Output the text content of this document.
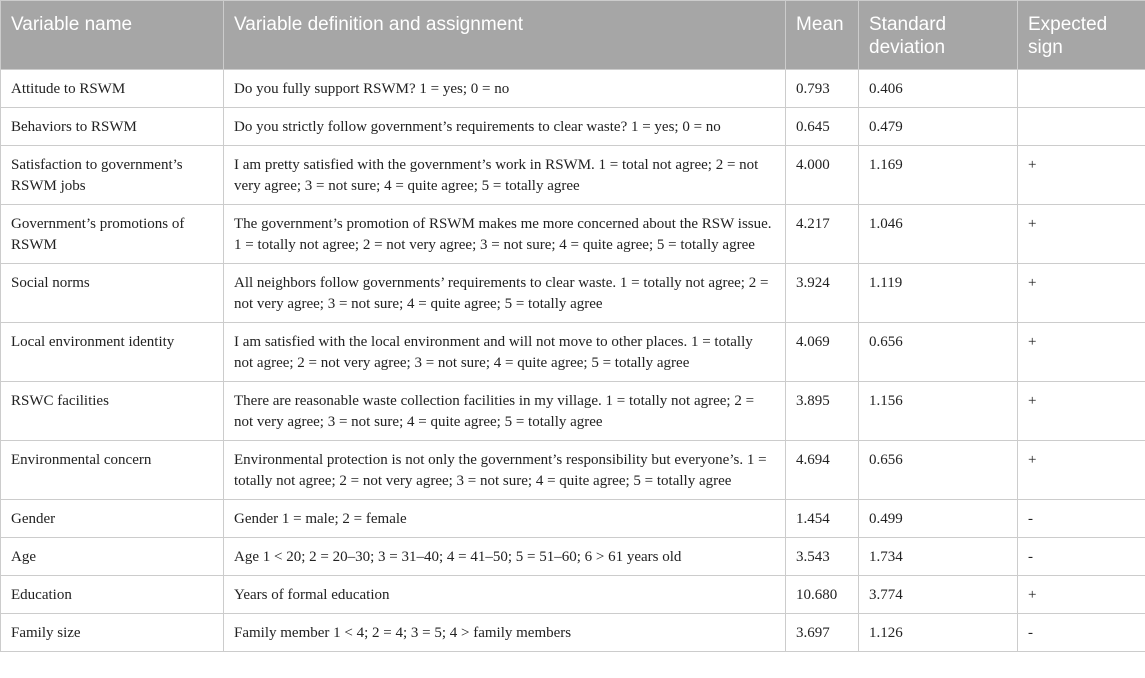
Variable name	Variable definition and assignment	Mean	Standard deviation	Expected sign
Attitude to RSWM	Do you fully support RSWM? 1 = yes; 0 = no	0.793	0.406	
Behaviors to RSWM	Do you strictly follow government’s requirements to clear waste? 1 = yes; 0 = no	0.645	0.479	
Satisfaction to government’s RSWM jobs	I am pretty satisfied with the government’s work in RSWM. 1 = total not agree; 2 = not very agree; 3 = not sure; 4 = quite agree; 5 = totally agree	4.000	1.169	+
Government’s promotions of RSWM	The government’s promotion of RSWM makes me more concerned about the RSW issue. 1 = totally not agree; 2 = not very agree; 3 = not sure; 4 = quite agree; 5 = totally agree	4.217	1.046	+
Social norms	All neighbors follow governments’ requirements to clear waste. 1 = totally not agree; 2 = not very agree; 3 = not sure; 4 = quite agree; 5 = totally agree	3.924	1.119	+
Local environment identity	I am satisfied with the local environment and will not move to other places. 1 = totally not agree; 2 = not very agree; 3 = not sure; 4 = quite agree; 5 = totally agree	4.069	0.656	+
RSWC facilities	There are reasonable waste collection facilities in my village. 1 = totally not agree; 2 = not very agree; 3 = not sure; 4 = quite agree; 5 = totally agree	3.895	1.156	+
Environmental concern	Environmental protection is not only the government’s responsibility but everyone’s. 1 = totally not agree; 2 = not very agree; 3 = not sure; 4 = quite agree; 5 = totally agree	4.694	0.656	+
Gender	Gender 1 = male; 2 = female	1.454	0.499	-
Age	Age 1 < 20; 2 = 20–30; 3 = 31–40; 4 = 41–50; 5 = 51–60; 6 > 61 years old	3.543	1.734	-
Education	Years of formal education	10.680	3.774	+
Family size	Family member 1 < 4; 2 = 4; 3 = 5; 4 > family members	3.697	1.126	-
